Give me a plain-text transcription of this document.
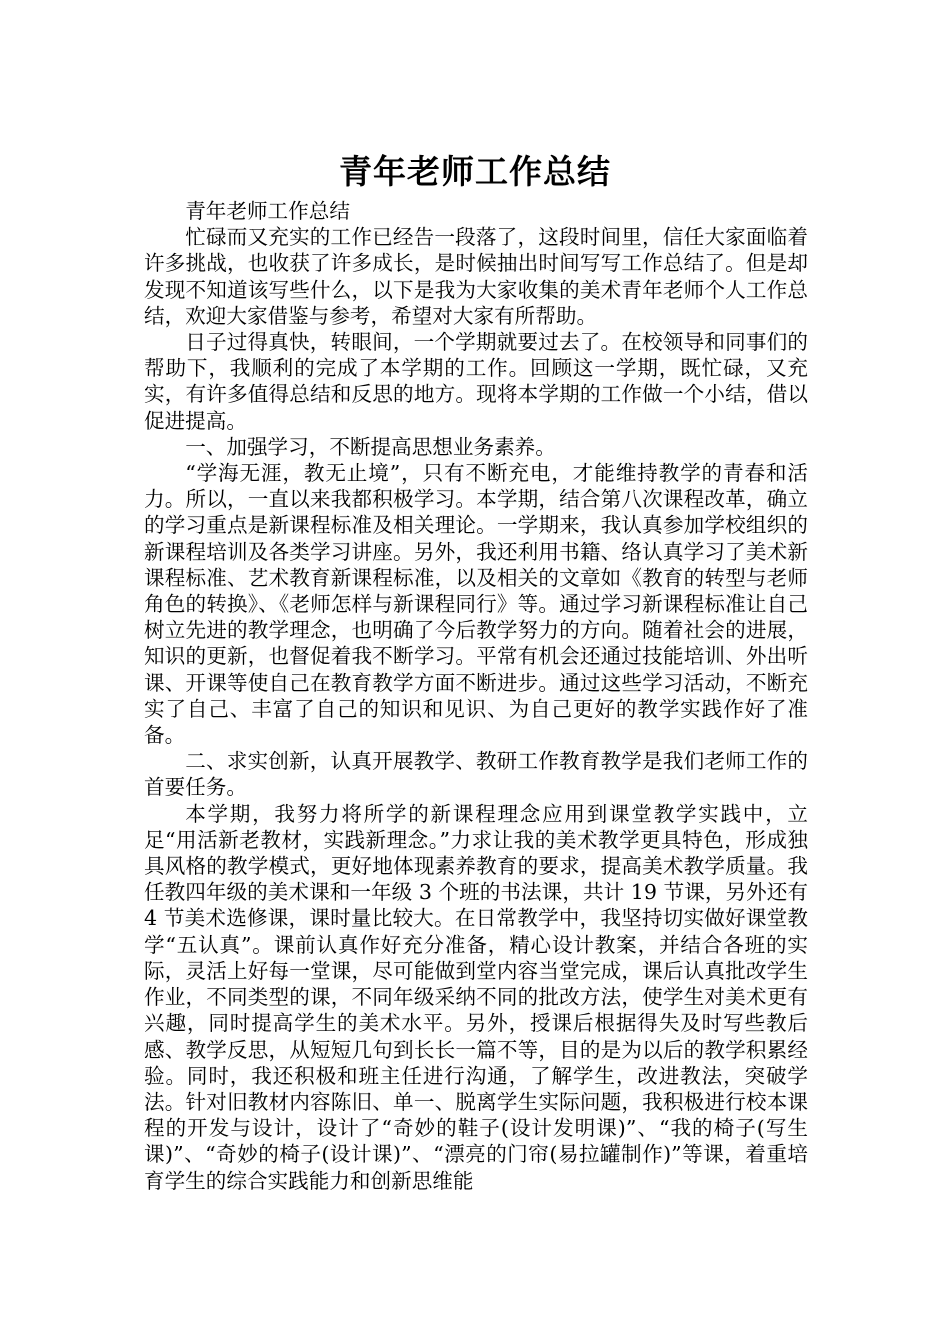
青年老师工作总结

青年老师工作总结

忙碌而又充实的工作已经告一段落了，这段时间里，信任大家面临着许多挑战，也收获了许多成长，是时候抽出时间写写工作总结了。但是却发现不知道该写些什么，以下是我为大家收集的美术青年老师个人工作总结，欢迎大家借鉴与参考，希望对大家有所帮助。

日子过得真快，转眼间，一个学期就要过去了。在校领导和同事们的帮助下，我顺利的完成了本学期的工作。回顾这一学期，既忙碌，又充实，有许多值得总结和反思的地方。现将本学期的工作做一个小结，借以促进提高。

一、加强学习，不断提高思想业务素养。

“学海无涯，教无止境”，只有不断充电，才能维持教学的青春和活力。所以，一直以来我都积极学习。本学期，结合第八次课程改革，确立的学习重点是新课程标准及相关理论。一学期来，我认真参加学校组织的新课程培训及各类学习讲座。另外，我还利用书籍、络认真学习了美术新课程标准、艺术教育新课程标准，以及相关的文章如《教育的转型与老师角色的转换》、《老师怎样与新课程同行》等。通过学习新课程标准让自己树立先进的教学理念，也明确了今后教学努力的方向。随着社会的进展，知识的更新，也督促着我不断学习。平常有机会还通过技能培训、外出听课、开课等使自己在教育教学方面不断进步。通过这些学习活动，不断充实了自己、丰富了自己的知识和见识、为自己更好的教学实践作好了准备。

二、求实创新，认真开展教学、教研工作教育教学是我们老师工作的首要任务。

本学期，我努力将所学的新课程理念应用到课堂教学实践中，立足“用活新老教材，实践新理念。”力求让我的美术教学更具特色，形成独具风格的教学模式，更好地体现素养教育的要求，提高美术教学质量。我任教四年级的美术课和一年级 3 个班的书法课，共计 19 节课，另外还有 4 节美术选修课，课时量比较大。在日常教学中，我坚持切实做好课堂教学“五认真”。课前认真作好充分准备，精心设计教案，并结合各班的实际，灵活上好每一堂课，尽可能做到堂内容当堂完成，课后认真批改学生作业，不同类型的课，不同年级采纳不同的批改方法，使学生对美术更有兴趣，同时提高学生的美术水平。另外，授课后根据得失及时写些教后感、教学反思，从短短几句到长长一篇不等，目的是为以后的教学积累经验。同时，我还积极和班主任进行沟通，了解学生，改进教法，突破学法。针对旧教材内容陈旧、单一、脱离学生实际问题，我积极进行校本课程的开发与设计，设计了“奇妙的鞋子(设计发明课)”、“我的椅子(写生课)”、“奇妙的椅子(设计课)”、“漂亮的门帘(易拉罐制作)”等课，着重培育学生的综合实践能力和创新思维能
